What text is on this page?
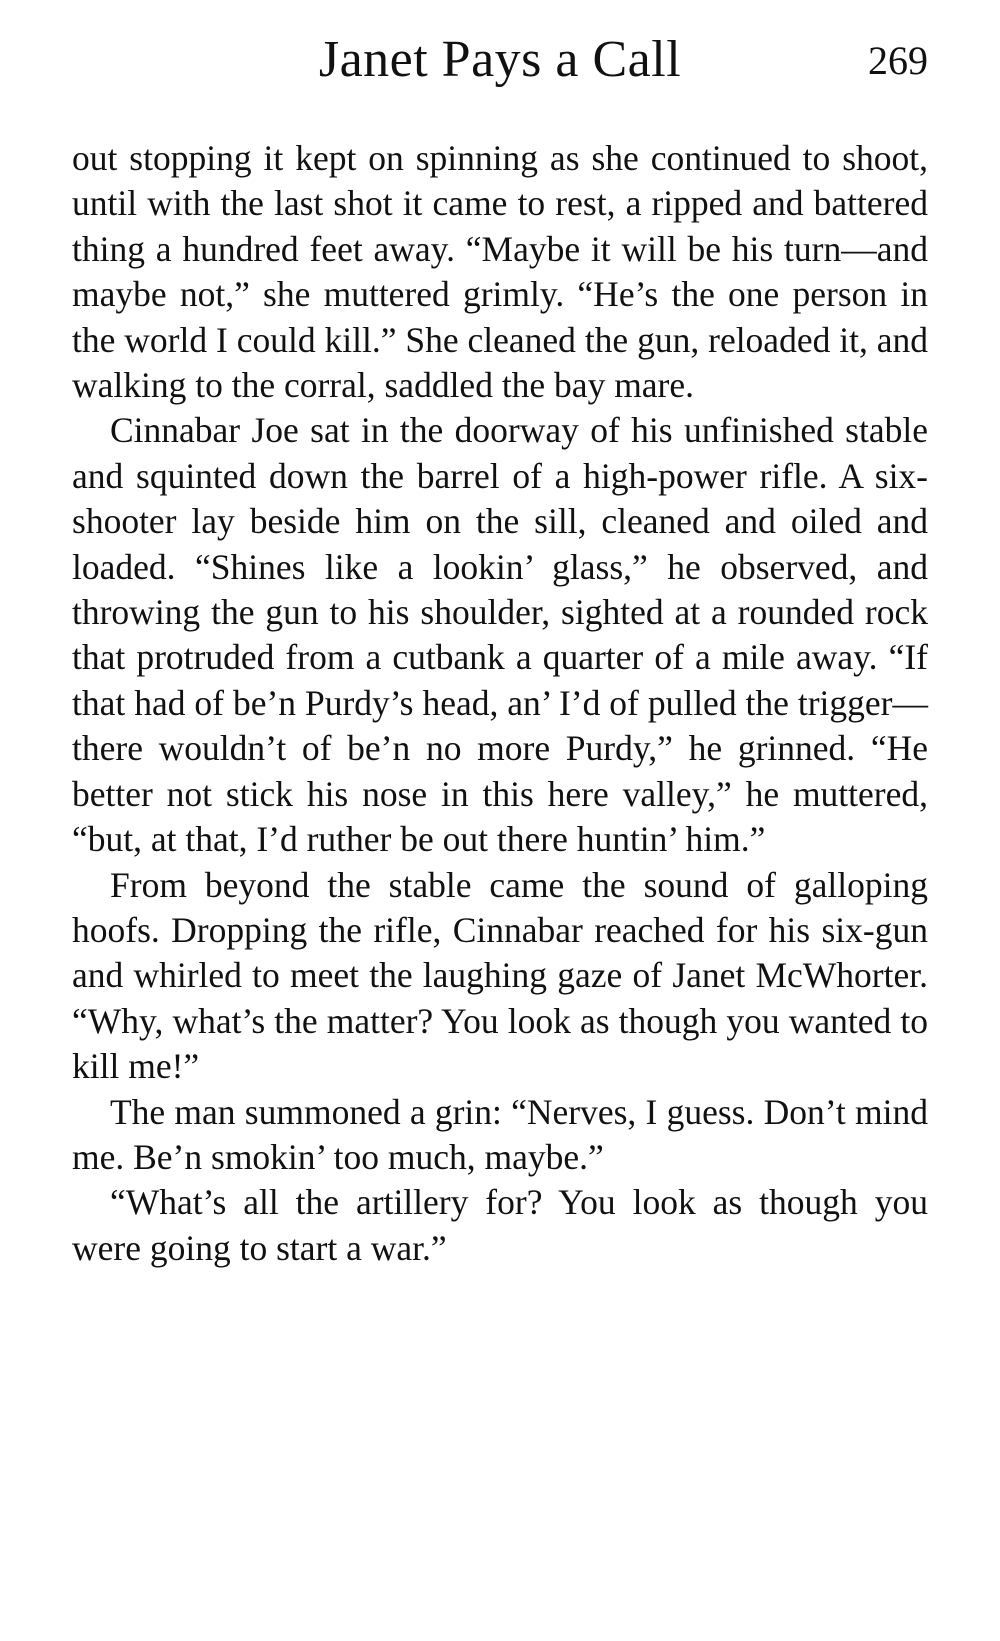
Janet Pays a Call	269

out stopping it kept on spinning as she continued to shoot, until with the last shot it came to rest, a ripped and battered thing a hundred feet away. “Maybe it will be his turn—and maybe not,” she muttered grimly. “He’s the one person in the world I could kill.” She cleaned the gun, reloaded it, and walking to the corral, saddled the bay mare.

Cinnabar Joe sat in the doorway of his unfinished stable and squinted down the barrel of a high-power rifle. A six-shooter lay beside him on the sill, cleaned and oiled and loaded. “Shines like a lookin’ glass,” he observed, and throwing the gun to his shoulder, sighted at a rounded rock that protruded from a cutbank a quarter of a mile away. “If that had of be’n Purdy’s head, an’ I’d of pulled the trigger—there wouldn’t of be’n no more Purdy,” he grinned. “He better not stick his nose in this here valley,” he muttered, “but, at that, I’d ruther be out there huntin’ him.”

From beyond the stable came the sound of galloping hoofs. Dropping the rifle, Cinnabar reached for his six-gun and whirled to meet the laughing gaze of Janet McWhorter. “Why, what’s the matter? You look as though you wanted to kill me!”

The man summoned a grin: “Nerves, I guess. Don’t mind me. Be’n smokin’ too much, maybe.”

“What’s all the artillery for? You look as though you were going to start a war.”
